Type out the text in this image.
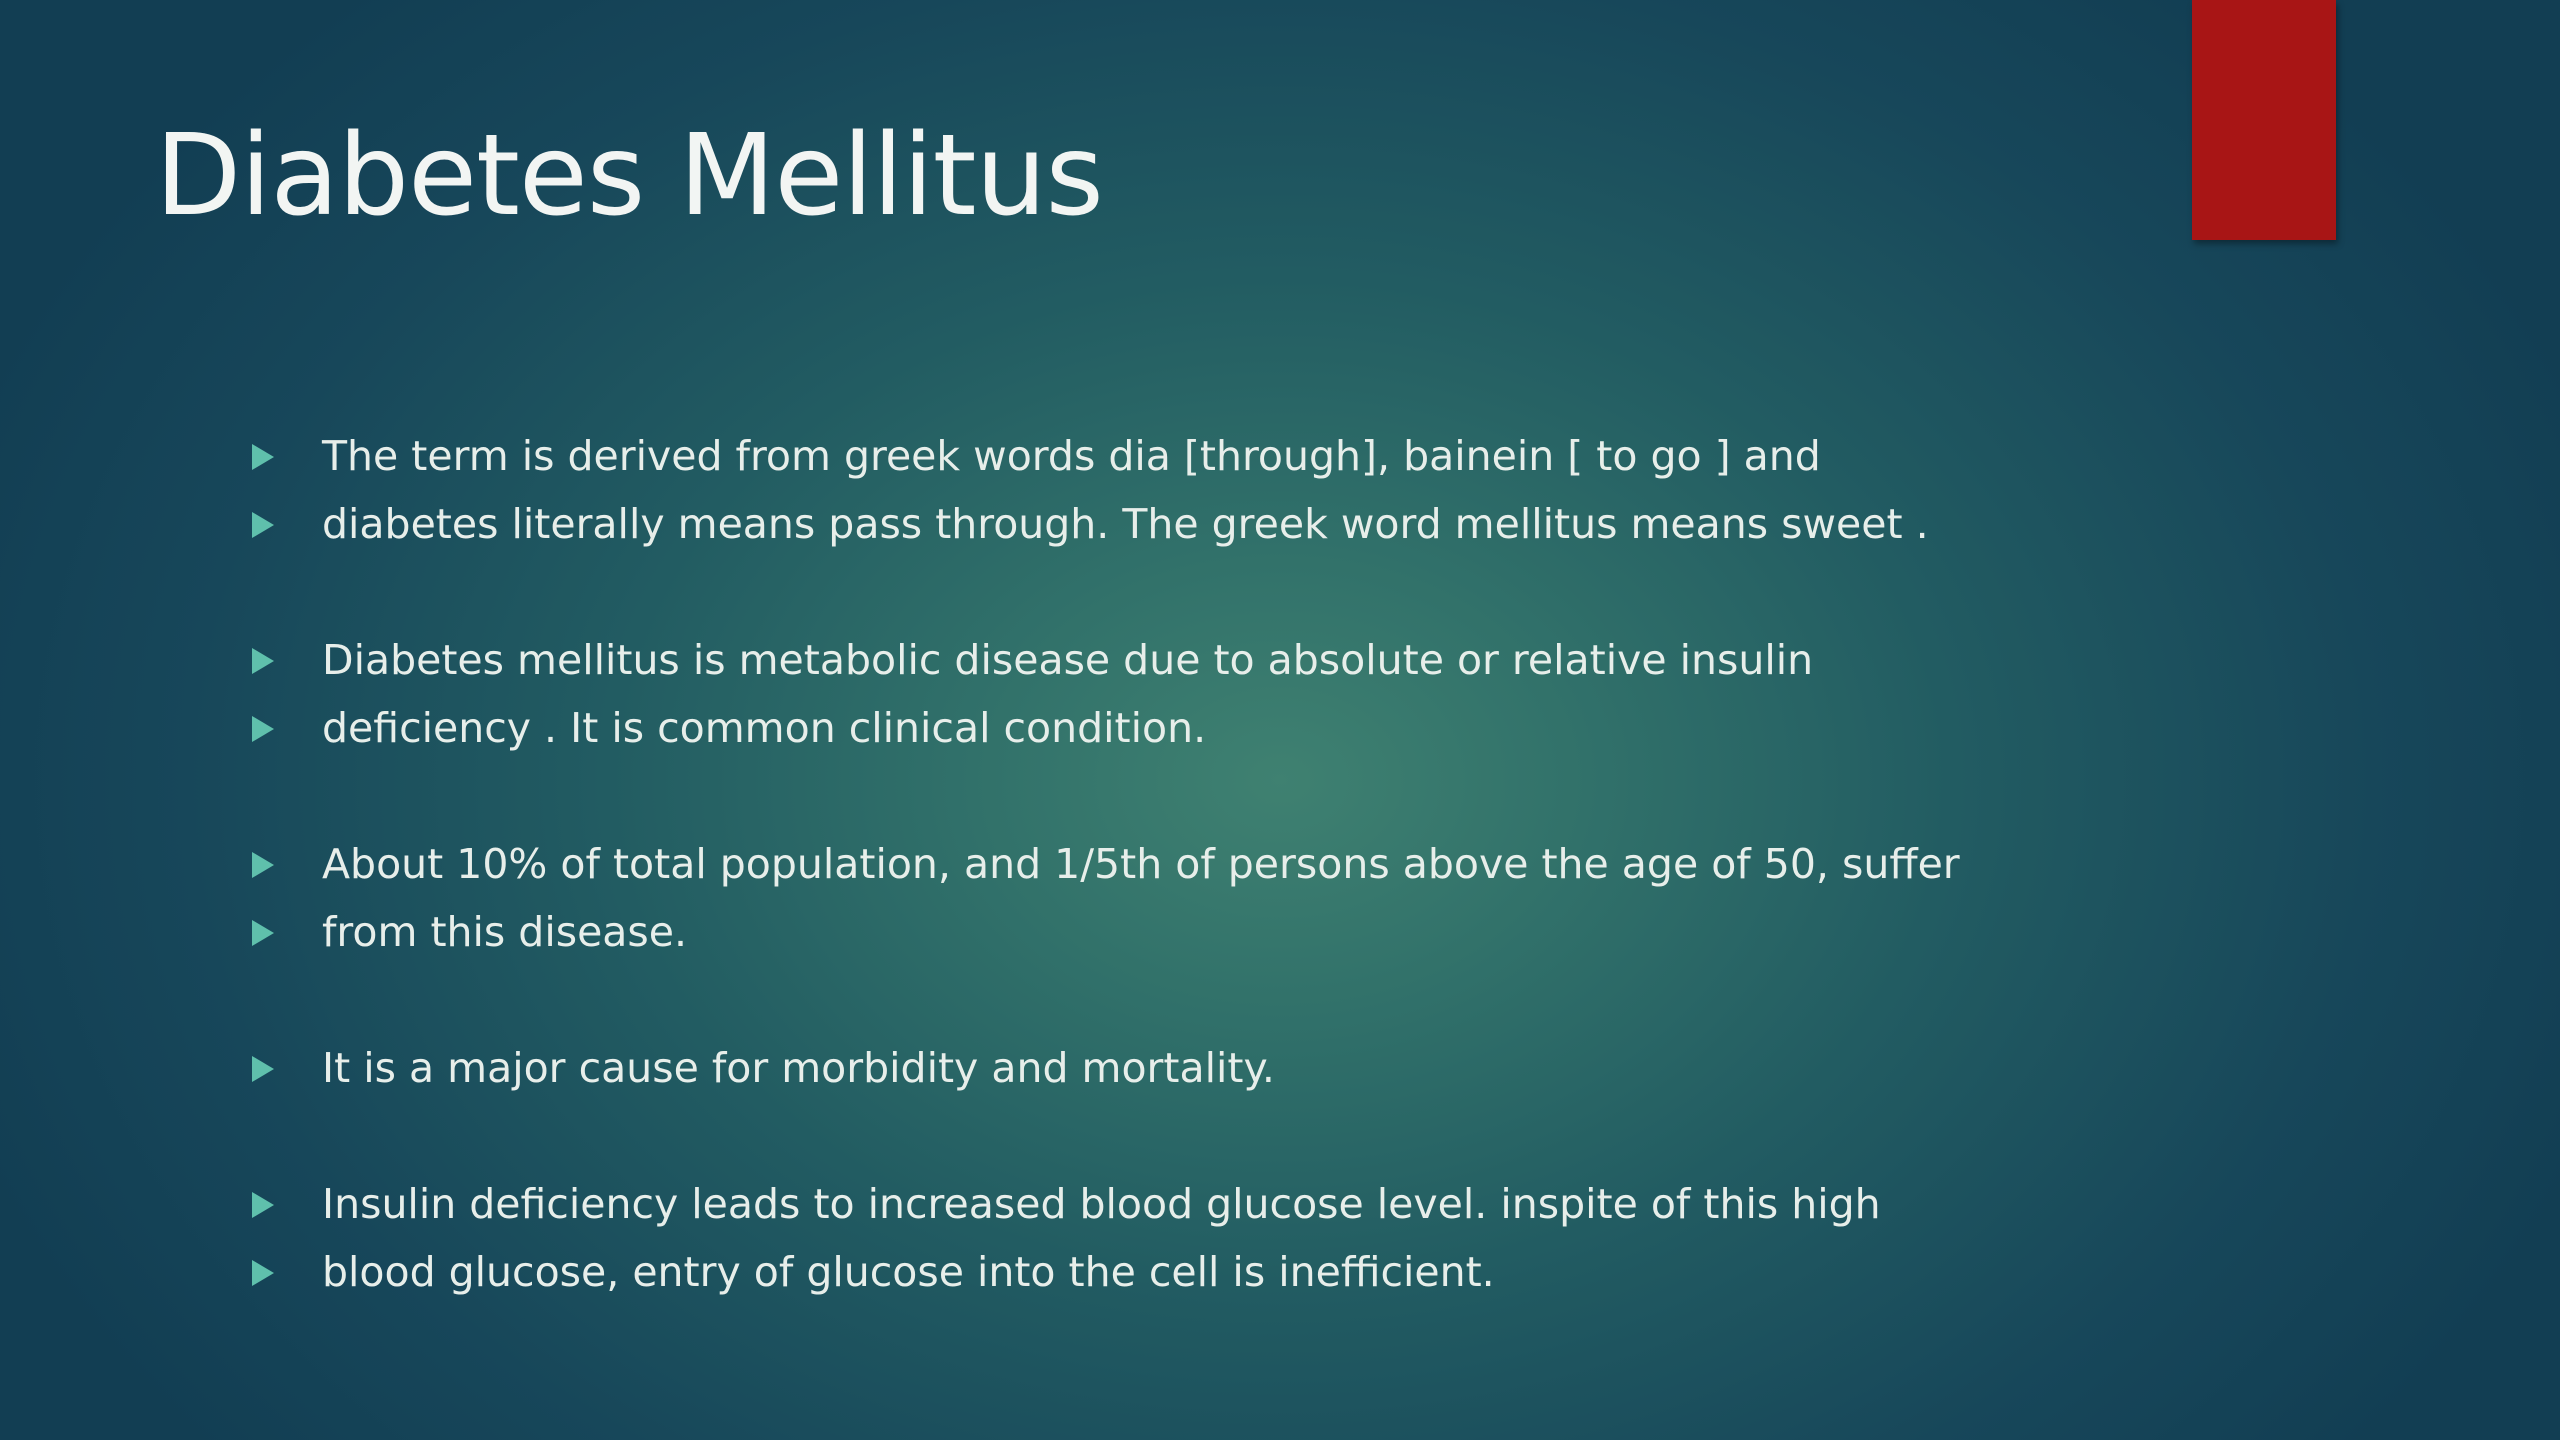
Diabetes Mellitus
The term is derived from greek words dia [through], bainein [ to go ] and
diabetes literally means pass through. The greek word mellitus means sweet .
Diabetes mellitus is metabolic disease due to absolute or relative insulin
deficiency . It is common clinical condition.
About 10% of total population, and 1/5th of persons above the age of 50, suffer
from this disease.
It is a major cause for morbidity and mortality.
Insulin deficiency leads to increased blood glucose level. inspite of this high
blood glucose, entry of glucose into the cell is inefficient.
